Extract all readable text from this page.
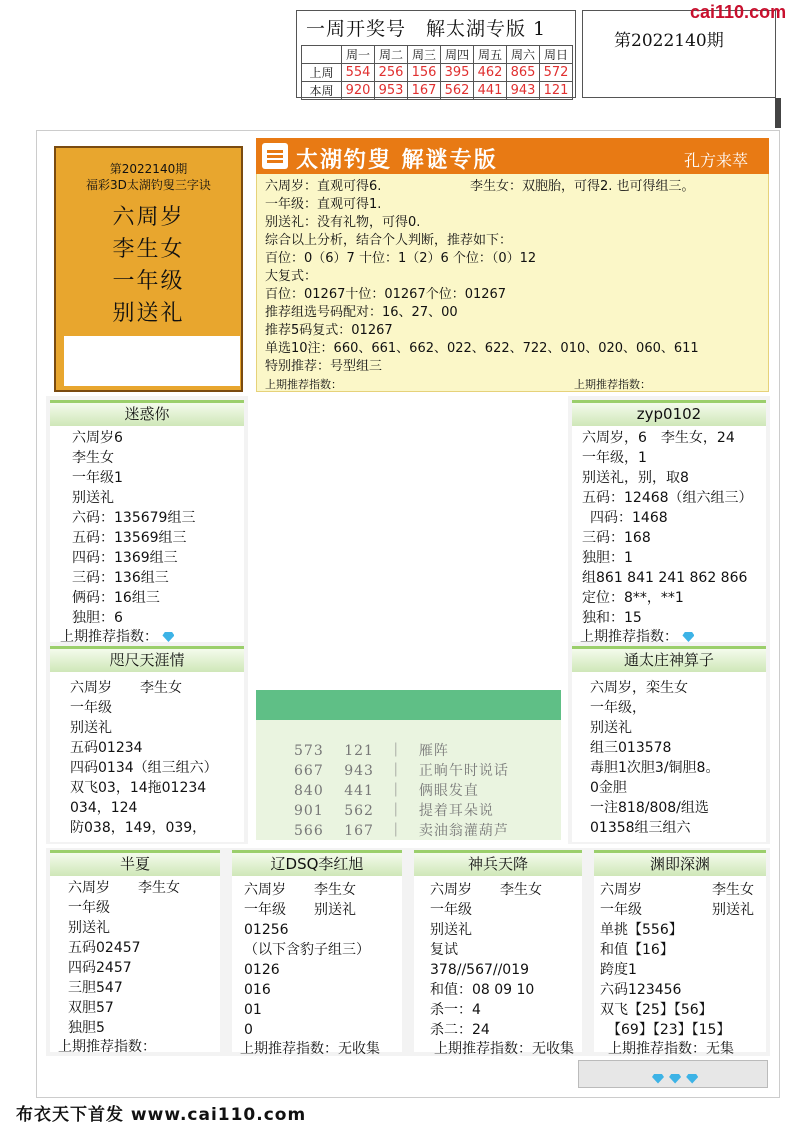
一周开奖号　解太湖专版 1
	周一	周二	周三	周四	周五	周六	周日
上周	554	256	156	395	462	865	572
本周	920	953	167	562	441	943	121
第2022140期
cai110.com
第2022140期
福彩3D太湖钓叟三字诀
六周岁
李生女
一年级
别送礼
太湖钓叟 解谜专版	孔方来萃
六周岁：直观可得6.	李生女：双胞胎，可得2. 也可得组三。
一年级：直观可得1.
别送礼：没有礼物，可得0.
综合以上分析，结合个人判断，推荐如下：
百位：0（6）7 十位：1（2）6 个位：（0）12
大复式：
百位：01267十位：01267个位：01267
推荐组选号码配对：16、27、00
推荐5码复式：01267
单选10注：660、661、662、022、622、722、010、020、060、611
特别推荐：号型组三
上期推荐指数：	上期推荐指数：
迷惑你
六周岁6
李生女
一年级1
别送礼
六码：135679组三
五码：13569组三
四码：1369组三
三码：136组三
俩码：16组三
独胆：6
上期推荐指数：
zyp0102
六周岁，6　李生女，24
一年级，1
别送礼，别，取8
五码：12468（组六组三）
四码：1468
三码：168
独胆：1
组861 841 241 862 866
定位：8**，**1
独和：15
上期推荐指数：
咫尺天涯情
六周岁　　李生女
一年级
别送礼
五码01234
四码0134（组三组六）
双飞03，14拖01234
034，124
防038，149，039，
通太庄神算子
六周岁，栾生女
一年级，
别送礼
组三013578
毒胆1次胆3/铜胆8。
0金胆
一注818/808/组选
01358组三组六
573　 121　｜　雁阵
667　 943　｜　正晌午时说话
840　 441　｜　俩眼发直
901　 562　｜　提着耳朵说
566　 167　｜　卖油翁灌葫芦
半夏
六周岁　　李生女
一年级
别送礼
五码02457
四码2457
三胆547
双胆57
独胆5
上期推荐指数：
辽DSQ李红旭
六周岁　　李生女
一年级　　别送礼
01256
（以下含豹子组三）
0126
016
01
0
上期推荐指数：无收集
神兵天降
六周岁　　李生女
一年级
别送礼
复试
378//567//019
和值：08 09 10
杀一：4
杀二：24
上期推荐指数：无收集
渊即深渊
六周岁　　　　　李生女
一年级　　　　　别送礼
单挑【556】
和值【16】
跨度1
六码123456
双飞【25】【56】
　【69】【23】【15】
上期推荐指数：无集

布衣天下首发 www.cai110.com
